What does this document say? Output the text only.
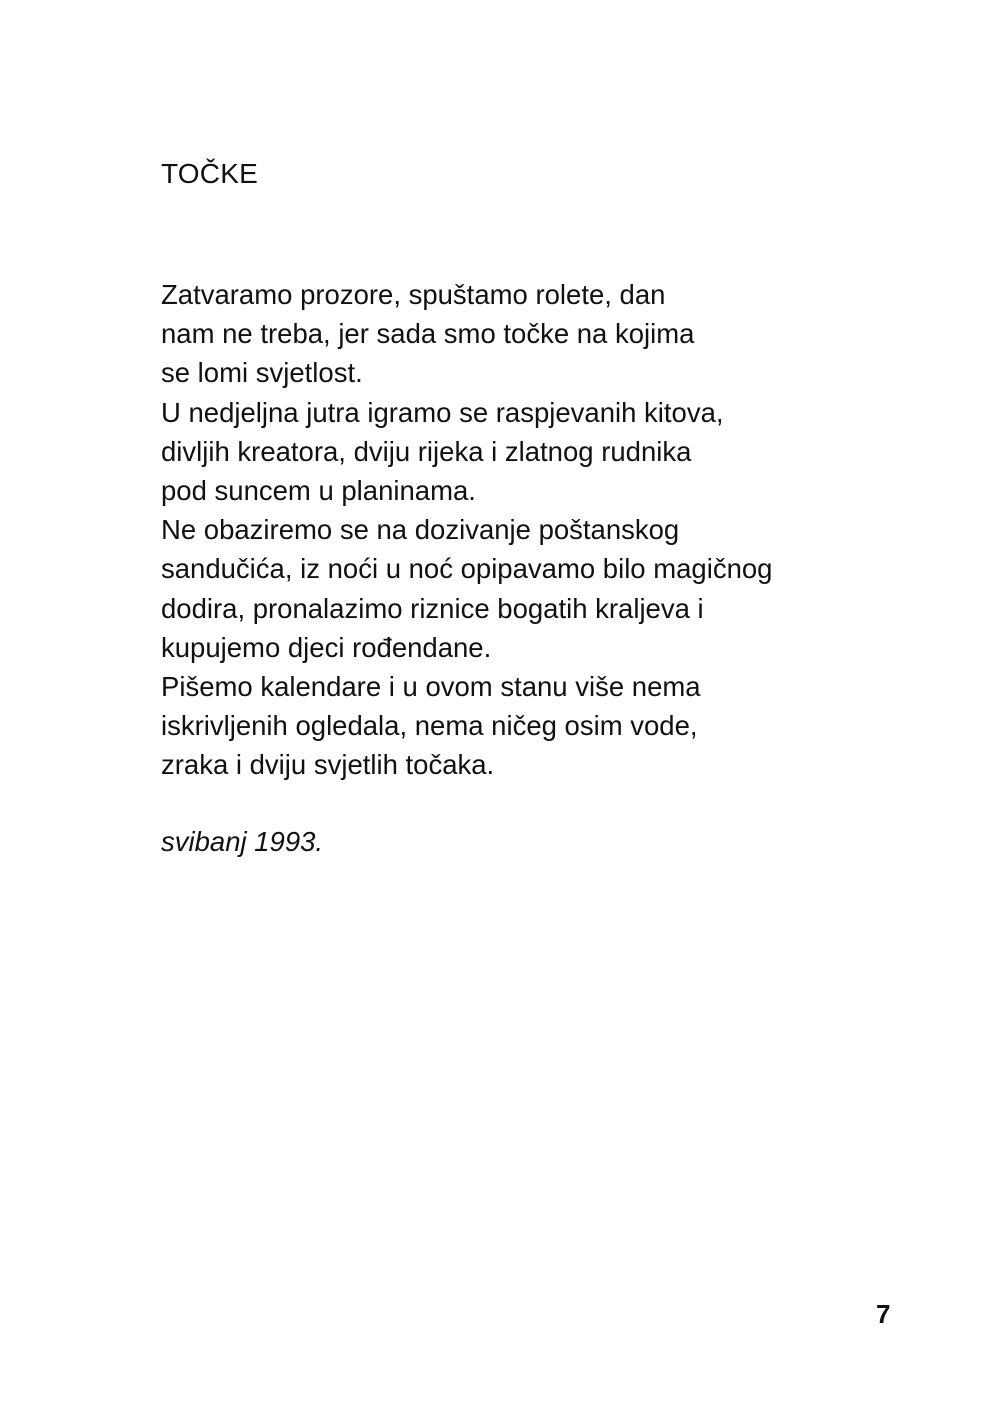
TOČKE
Zatvaramo prozore, spuštamo rolete, dan
nam ne treba, jer sada smo točke na kojima
se lomi svjetlost.
U nedjeljna jutra igramo se raspjevanih kitova,
divljih kreatora, dviju rijeka i zlatnog rudnika
pod suncem u planinama.
Ne obaziremo se na dozivanje poštanskog
sandučića, iz noći u noć opipavamo bilo magičnog
dodira, pronalazimo riznice bogatih kraljeva i
kupujemo djeci rođendane.
Pišemo kalendare i u ovom stanu više nema
iskrivljenih ogledala, nema ničeg osim vode,
zraka i dviju svjetlih točaka.

svibanj 1993.

7
